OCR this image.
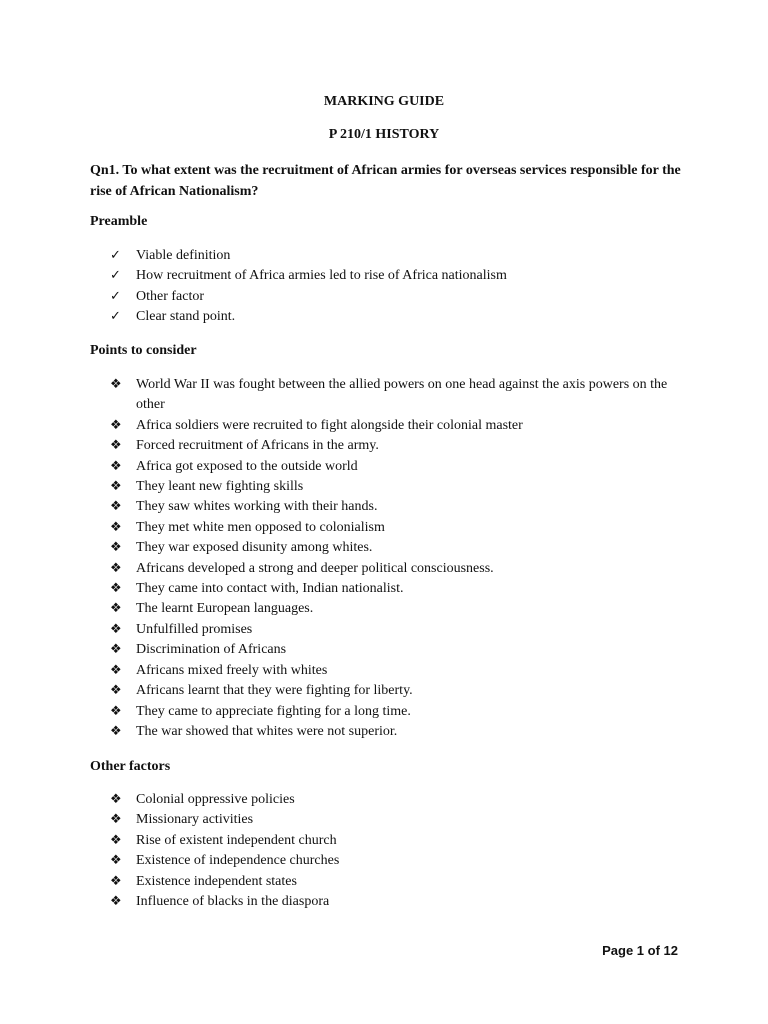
MARKING GUIDE
P 210/1 HISTORY
Qn1. To what extent was the recruitment of African armies for overseas services responsible for the rise of African Nationalism?
Preamble
✓	Viable definition
✓	How recruitment of Africa armies led to rise of Africa nationalism
✓	Other factor
✓	Clear stand point.
Points to consider
❖	World War II was fought between the allied powers on one head against the axis powers on the other
❖	Africa soldiers were recruited to fight alongside their colonial master
❖	Forced recruitment of Africans in the army.
❖	Africa got exposed to the outside world
❖	They leant new fighting skills
❖	They saw whites working with their hands.
❖	They met white men opposed to colonialism
❖	They war exposed disunity among whites.
❖	Africans developed a strong and deeper political consciousness.
❖	They came into contact with, Indian nationalist.
❖	The learnt European languages.
❖	Unfulfilled promises
❖	Discrimination of Africans
❖	Africans mixed freely with whites
❖	Africans learnt that they were fighting for liberty.
❖	They came to appreciate fighting for a long time.
❖	The war showed that whites were not superior.
Other factors
❖	Colonial oppressive policies
❖	Missionary activities
❖	Rise of existent independent church
❖	Existence of independence churches
❖	Existence independent states
❖	Influence of blacks in the diaspora
Page 1 of 12
